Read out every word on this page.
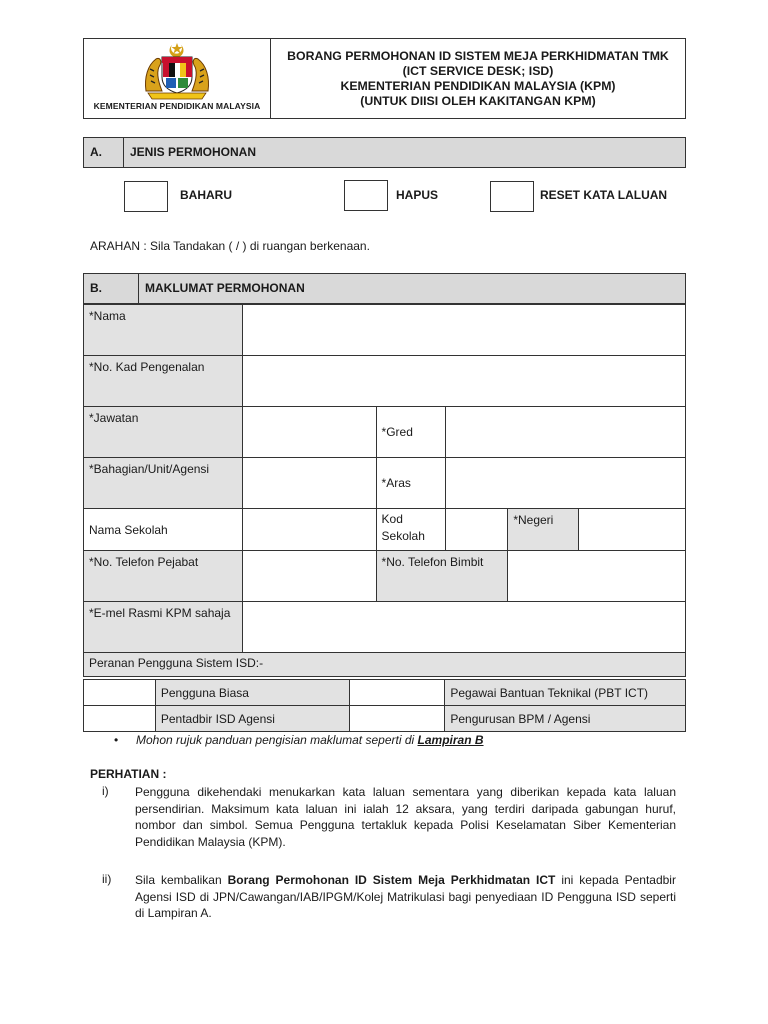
KEMENTERIAN PENDIDIKAN MALAYSIA
BORANG PERMOHONAN ID SISTEM MEJA PERKHIDMATAN TMK
(ICT SERVICE DESK; ISD)
KEMENTERIAN PENDIDIKAN MALAYSIA (KPM)
(UNTUK DIISI OLEH KAKITANGAN KPM)
A. JENIS PERMOHONAN
BAHARU	HAPUS	RESET KATA LALUAN
ARAHAN : Sila Tandakan ( / ) di ruangan berkenaan.
B.	MAKLUMAT PERMOHONAN
*Nama					
*No. Kad Pengenalan					
*Jawatan		*Gred			
*Bahagian/Unit/Agensi		*Aras			
Nama Sekolah		Kod Sekolah		*Negeri	
*No. Telefon Pejabat		*No. Telefon Bimbit			
*E-mel Rasmi KPM sahaja					
Peranan Pengguna Sistem ISD:-					
	Pengguna Biasa		Pegawai Bantuan Teknikal (PBT ICT)
	Pentadbir ISD Agensi		Pengurusan BPM / Agensi
• Mohon rujuk panduan pengisian maklumat seperti di Lampiran B
PERHATIAN :
i) Pengguna dikehendaki menukarkan kata laluan sementara yang diberikan kepada kata laluan persendirian. Maksimum kata laluan ini ialah 12 aksara, yang terdiri daripada gabungan huruf, nombor dan simbol. Semua Pengguna tertakluk kepada Polisi Keselamatan Siber Kementerian Pendidikan Malaysia (KPM).
ii) Sila kembalikan Borang Permohonan ID Sistem Meja Perkhidmatan ICT ini kepada Pentadbir Agensi ISD di JPN/Cawangan/IAB/IPGM/Kolej Matrikulasi bagi penyediaan ID Pengguna ISD seperti di Lampiran A.
